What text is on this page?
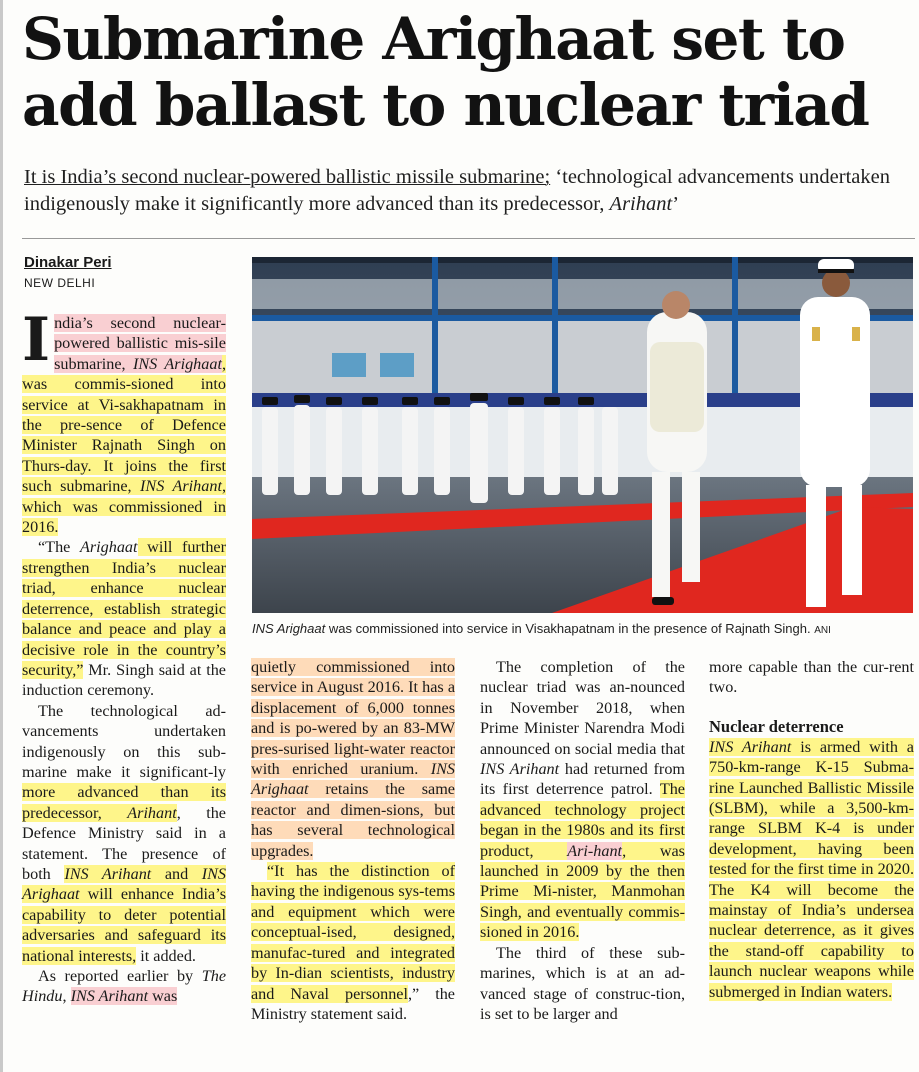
Submarine Arighaat set to add ballast to nuclear triad

It is India’s second nuclear-powered ballistic missile submarine; ‘technological advancements undertaken indigenously make it significantly more advanced than its predecessor, Arihant’

Dinakar Peri
NEW DELHI

India’s second nuclear-powered ballistic mis-sile submarine, INS Arighaat, was commis-sioned into service at Vi-sakhapatnam in the pre-sence of Defence Minister Rajnath Singh on Thurs-day. It joins the first such submarine, INS Arihant, which was commissioned in 2016.

“The Arighaat will further strengthen India’s nuclear triad, enhance nuclear deterrence, establish strategic balance and peace and play a decisive role in the country’s security,” Mr. Singh said at the induction ceremony.

The technological ad-vancements undertaken indigenously on this sub-marine make it significant-ly more advanced than its predecessor, Arihant, the Defence Ministry said in a statement. The presence of both INS Arihant and INS Arighaat will enhance India’s capability to deter potential adversaries and safeguard its national interests, it added.

As reported earlier by The Hindu, INS Arihant was

INS Arighaat was commissioned into service in Visakhapatnam in the presence of Rajnath Singh. ANI

quietly commissioned into service in August 2016. It has a displacement of 6,000 tonnes and is po-wered by an 83-MW pres-surised light-water reactor with enriched uranium. INS Arighaat retains the same reactor and dimen-sions, but has several technological upgrades.

“It has the distinction of having the indigenous sys-tems and equipment which were conceptual-ised, designed, manufac-tured and integrated by In-dian scientists, industry and Naval personnel,” the Ministry statement said.

The completion of the nuclear triad was an-nounced in November 2018, when Prime Minister Narendra Modi announced on social media that INS Arihant had returned from its first deterrence patrol. The advanced technology project began in the 1980s and its first product, Ari-hant, was launched in 2009 by the then Prime Mi-nister, Manmohan Singh, and eventually commis-sioned in 2016.

The third of these sub-marines, which is at an ad-vanced stage of construc-tion, is set to be larger and

more capable than the cur-rent two.

Nuclear deterrence

INS Arihant is armed with a 750-km-range K-15 Subma-rine Launched Ballistic Missile (SLBM), while a 3,500-km-range SLBM K-4 is under development, having been tested for the first time in 2020. The K4 will become the mainstay of India’s undersea nuclear deterrence, as it gives the stand-off capability to launch nuclear weapons while submerged in Indian waters.
